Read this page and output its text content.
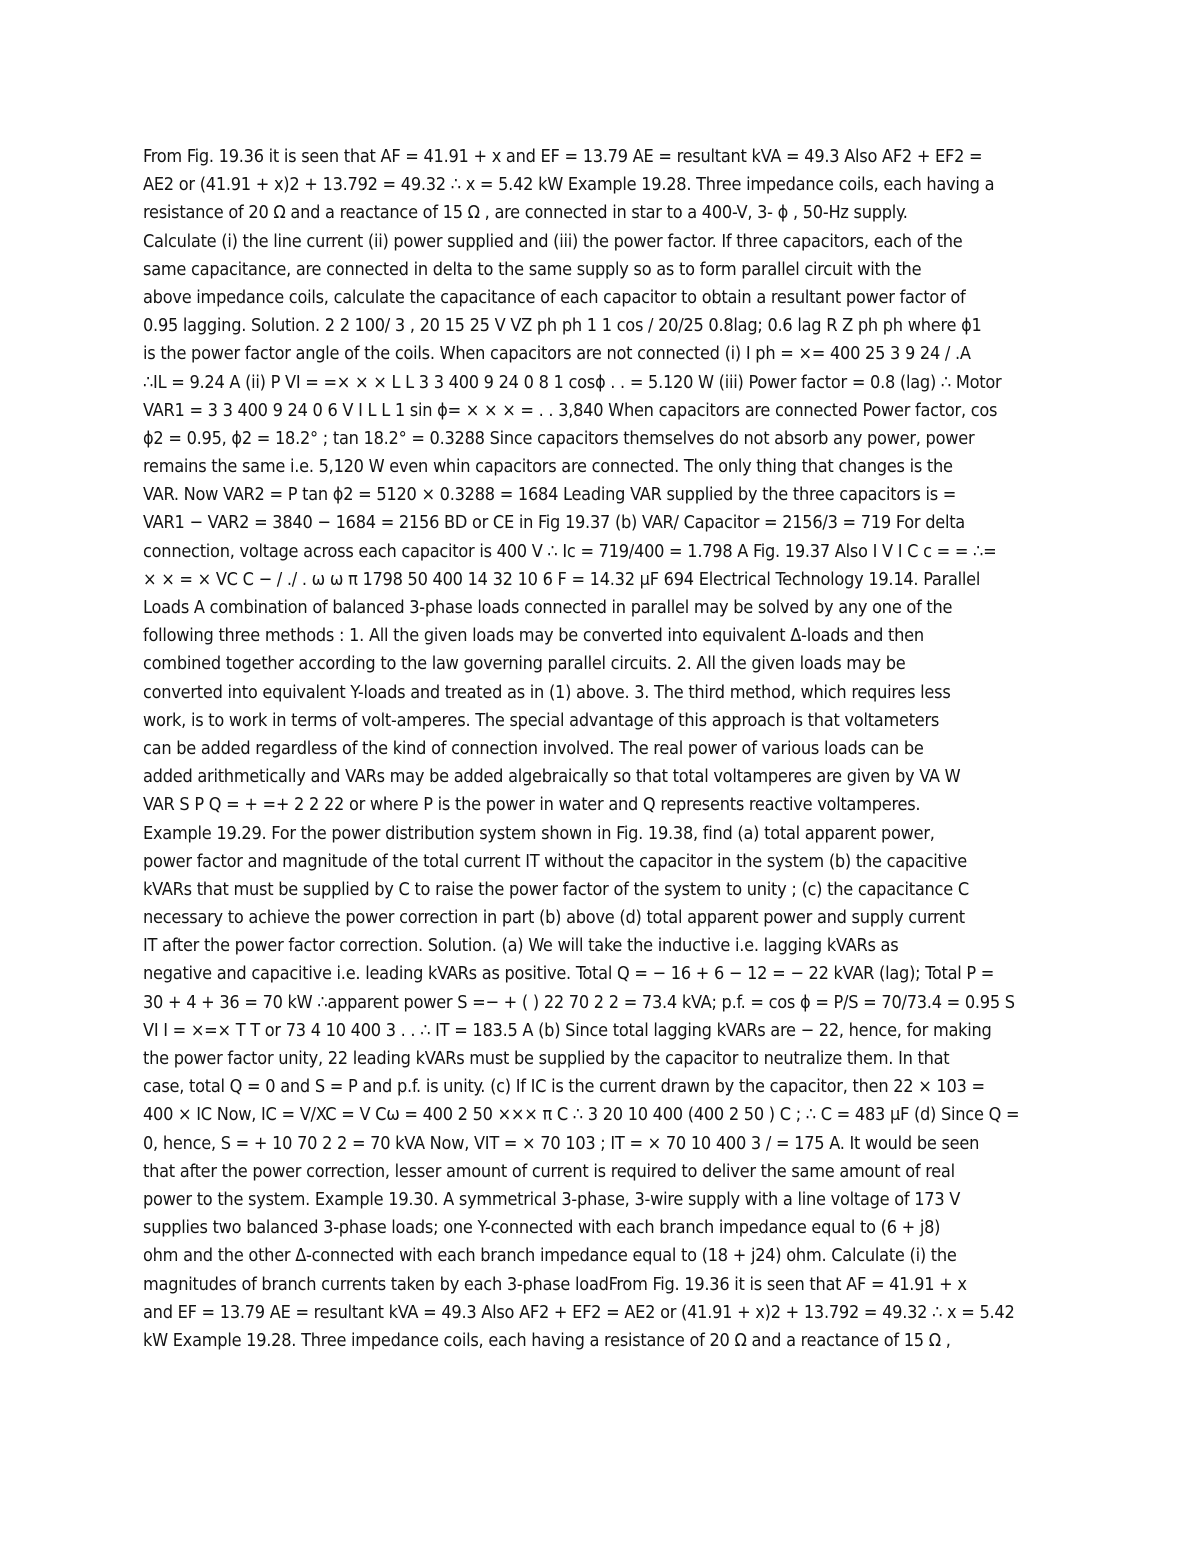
From Fig. 19.36 it is seen that AF = 41.91 + x and EF = 13.79 AE = resultant kVA = 49.3 Also AF2 + EF2 =
AE2 or (41.91 + x)2 + 13.792 = 49.32 ∴ x = 5.42 kW Example 19.28. Three impedance coils, each having a
resistance of 20 Ω and a reactance of 15 Ω , are connected in star to a 400-V, 3- ϕ , 50-Hz supply.
Calculate (i) the line current (ii) power supplied and (iii) the power factor. If three capacitors, each of the
same capacitance, are connected in delta to the same supply so as to form parallel circuit with the
above impedance coils, calculate the capacitance of each capacitor to obtain a resultant power factor of
0.95 lagging. Solution. 2 2 100/ 3 , 20 15 25 V VZ ph ph 1 1 cos / 20/25 0.8lag; 0.6 lag R Z ph ph where ϕ1
is the power factor angle of the coils. When capacitors are not connected (i) I ph = ×= 400 25 3 9 24 / .A
∴IL = 9.24 A (ii) P VI = =× × × L L 3 3 400 9 24 0 8 1 cosϕ . . = 5.120 W (iii) Power factor = 0.8 (lag) ∴ Motor
VAR1 = 3 3 400 9 24 0 6 V I L L 1 sin ϕ= × × × = . . 3,840 When capacitors are connected Power factor, cos
ϕ2 = 0.95, ϕ2 = 18.2° ; tan 18.2° = 0.3288 Since capacitors themselves do not absorb any power, power
remains the same i.e. 5,120 W even whin capacitors are connected. The only thing that changes is the
VAR. Now VAR2 = P tan ϕ2 = 5120 × 0.3288 = 1684 Leading VAR supplied by the three capacitors is =
VAR1 − VAR2 = 3840 − 1684 = 2156 BD or CE in Fig 19.37 (b) VAR/ Capacitor = 2156/3 = 719 For delta
connection, voltage across each capacitor is 400 V ∴ Ic = 719/400 = 1.798 A Fig. 19.37 Also I V I C c = = ∴=
× × = × VC C − / ./ . ω ω π 1798 50 400 14 32 10 6 F = 14.32 μF 694 Electrical Technology 19.14. Parallel
Loads A combination of balanced 3-phase loads connected in parallel may be solved by any one of the
following three methods : 1. All the given loads may be converted into equivalent Δ-loads and then
combined together according to the law governing parallel circuits. 2. All the given loads may be
converted into equivalent Y-loads and treated as in (1) above. 3. The third method, which requires less
work, is to work in terms of volt-amperes. The special advantage of this approach is that voltameters
can be added regardless of the kind of connection involved. The real power of various loads can be
added arithmetically and VARs may be added algebraically so that total voltamperes are given by VA W
VAR S P Q = + =+ 2 2 22 or where P is the power in water and Q represents reactive voltamperes.
Example 19.29. For the power distribution system shown in Fig. 19.38, find (a) total apparent power,
power factor and magnitude of the total current IT without the capacitor in the system (b) the capacitive
kVARs that must be supplied by C to raise the power factor of the system to unity ; (c) the capacitance C
necessary to achieve the power correction in part (b) above (d) total apparent power and supply current
IT after the power factor correction. Solution. (a) We will take the inductive i.e. lagging kVARs as
negative and capacitive i.e. leading kVARs as positive. Total Q = − 16 + 6 − 12 = − 22 kVAR (lag); Total P =
30 + 4 + 36 = 70 kW ∴apparent power S =− + ( ) 22 70 2 2 = 73.4 kVA; p.f. = cos ϕ = P/S = 70/73.4 = 0.95 S
VI I = ×=× T T or 73 4 10 400 3 . . ∴ IT = 183.5 A (b) Since total lagging kVARs are − 22, hence, for making
the power factor unity, 22 leading kVARs must be supplied by the capacitor to neutralize them. In that
case, total Q = 0 and S = P and p.f. is unity. (c) If IC is the current drawn by the capacitor, then 22 × 103 =
400 × IC Now, IC = V/XC = V Cω = 400 2 50 ××× π C ∴ 3 20 10 400 (400 2 50 ) C ; ∴ C = 483 μF (d) Since Q =
0, hence, S = + 10 70 2 2 = 70 kVA Now, VIT = × 70 103 ; IT = × 70 10 400 3 / = 175 A. It would be seen
that after the power correction, lesser amount of current is required to deliver the same amount of real
power to the system. Example 19.30. A symmetrical 3-phase, 3-wire supply with a line voltage of 173 V
supplies two balanced 3-phase loads; one Y-connected with each branch impedance equal to (6 + j8)
ohm and the other Δ-connected with each branch impedance equal to (18 + j24) ohm. Calculate (i) the
magnitudes of branch currents taken by each 3-phase loadFrom Fig. 19.36 it is seen that AF = 41.91 + x
and EF = 13.79 AE = resultant kVA = 49.3 Also AF2 + EF2 = AE2 or (41.91 + x)2 + 13.792 = 49.32 ∴ x = 5.42
kW Example 19.28. Three impedance coils, each having a resistance of 20 Ω and a reactance of 15 Ω ,
